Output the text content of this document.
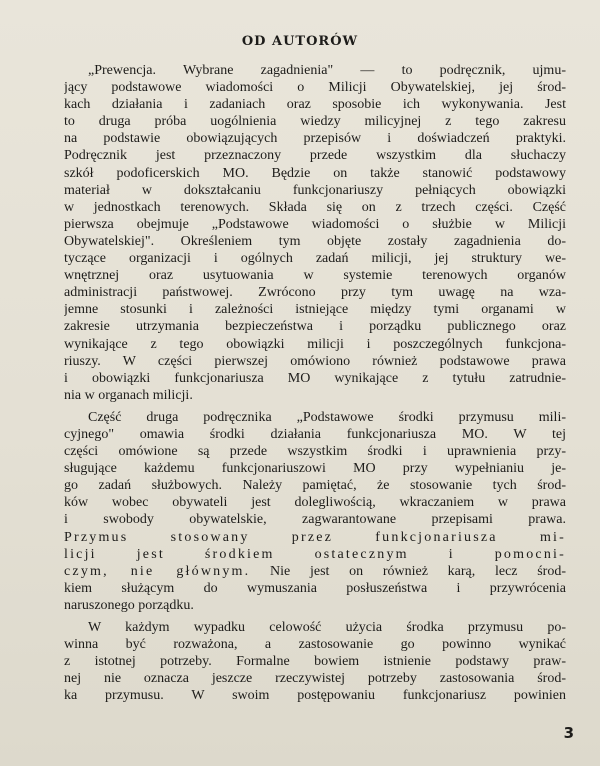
OD AUTORÓW
„Prewencja. Wybrane zagadnienia" — to podręcznik, ujmu-
jący podstawowe wiadomości o Milicji Obywatelskiej, jej środ-
kach działania i zadaniach oraz sposobie ich wykonywania. Jest
to druga próba uogólnienia wiedzy milicyjnej z tego zakresu
na podstawie obowiązujących przepisów i doświadczeń praktyki.
Podręcznik jest przeznaczony przede wszystkim dla słuchaczy
szkół podoficerskich MO. Będzie on także stanowić podstawowy
materiał w dokształcaniu funkcjonariuszy pełniących obowiązki
w jednostkach terenowych. Składa się on z trzech części. Część
pierwsza obejmuje „Podstawowe wiadomości o służbie w Milicji
Obywatelskiej". Określeniem tym objęte zostały zagadnienia do-
tyczące organizacji i ogólnych zadań milicji, jej struktury we-
wnętrznej oraz usytuowania w systemie terenowych organów
administracji państwowej. Zwrócono przy tym uwagę na wza-
jemne stosunki i zależności istniejące między tymi organami w
zakresie utrzymania bezpieczeństwa i porządku publicznego oraz
wynikające z tego obowiązki milicji i poszczególnych funkcjona-
riuszy. W części pierwszej omówiono również podstawowe prawa
i obowiązki funkcjonariusza MO wynikające z tytułu zatrudnie-
nia w organach milicji.
Część druga podręcznika „Podstawowe środki przymusu mili-
cyjnego" omawia środki działania funkcjonariusza MO. W tej
części omówione są przede wszystkim środki i uprawnienia przy-
sługujące każdemu funkcjonariuszowi MO przy wypełnianiu je-
go zadań służbowych. Należy pamiętać, że stosowanie tych środ-
ków wobec obywateli jest dolegliwością, wkraczaniem w prawa
i swobody obywatelskie, zagwarantowane przepisami prawa.
Przymus stosowany przez funkcjonariusza mi-
licji jest środkiem ostatecznym i pomocni-
czym, nie głównym. Nie jest on również karą, lecz środ-
kiem służącym do wymuszania posłuszeństwa i przywrócenia
naruszonego porządku.
W każdym wypadku celowość użycia środka przymusu po-
winna być rozważona, a zastosowanie go powinno wynikać
z istotnej potrzeby. Formalne bowiem istnienie podstawy praw-
nej nie oznacza jeszcze rzeczywistej potrzeby zastosowania środ-
ka przymusu. W swoim postępowaniu funkcjonariusz powinien
3
